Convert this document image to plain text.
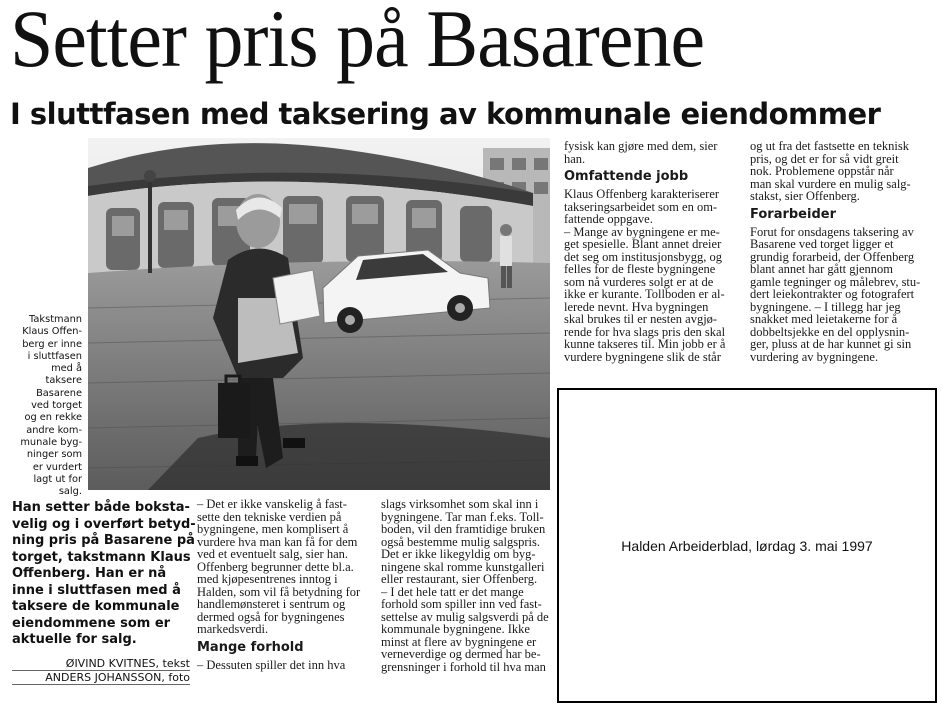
Setter pris på Basarene
I sluttfasen med taksering av kommunale eiendommer
Takstmann
Klaus Offen-
berg er inne
i sluttfasen
med å
taksere
Basarene
ved torget
og en rekke
andre kom-
munale byg-
ninger som
er vurdert
lagt ut for
salg.
fysisk kan gjøre med dem, sier
han.
Omfattende jobb
Klaus Offenberg karakteriserer
takseringsarbeidet som en om-
fattende oppgave.
– Mange av bygningene er me-
get spesielle. Blant annet dreier
det seg om institusjonsbygg, og
felles for de fleste bygningene
som nå vurderes solgt er at de
ikke er kurante. Tollboden er al-
lerede nevnt. Hva bygningen
skal brukes til er nesten avgjø-
rende for hva slags pris den skal
kunne takseres til. Min jobb er å
vurdere bygningene slik de står
og ut fra det fastsette en teknisk
pris, og det er for så vidt greit
nok. Problemene oppstår når
man skal vurdere en mulig salg-
stakst, sier Offenberg.
Forarbeider
Forut for onsdagens taksering av
Basarene ved torget ligger et
grundig forarbeid, der Offenberg
blant annet har gått gjennom
gamle tegninger og målebrev, stu-
dert leiekontrakter og fotografert
bygningene. – I tillegg har jeg
snakket med leietakerne for å
dobbeltsjekke en del opplysnin-
ger, pluss at de har kunnet gi sin
vurdering av bygningene.
Han setter både boksta-
velig og i overført betyd-
ning pris på Basarene på
torget, takstmann Klaus
Offenberg. Han er nå
inne i sluttfasen med å
taksere de kommunale
eiendommene som er
aktuelle for salg.
ØIVIND KVITNES, tekst
ANDERS JOHANSSON, foto
– Det er ikke vanskelig å fast-
sette den tekniske verdien på
bygningene, men komplisert å
vurdere hva man kan få for dem
ved et eventuelt salg, sier han.
Offenberg begrunner dette bl.a.
med kjøpesentrenes inntog i
Halden, som vil få betydning for
handlemønsteret i sentrum og
dermed også for bygningenes
markedsverdi.
Mange forhold
– Dessuten spiller det inn hva
slags virksomhet som skal inn i
bygningene. Tar man f.eks. Toll-
boden, vil den framtidige bruken
også bestemme mulig salgspris.
Det er ikke likegyldig om byg-
ningene skal romme kunstgalleri
eller restaurant, sier Offenberg.
– I det hele tatt er det mange
forhold som spiller inn ved fast-
settelse av mulig salgsverdi på de
kommunale bygningene. Ikke
minst at flere av bygningene er
verneverdige og dermed har be-
grensninger i forhold til hva man
Halden Arbeiderblad, lørdag 3. mai 1997
